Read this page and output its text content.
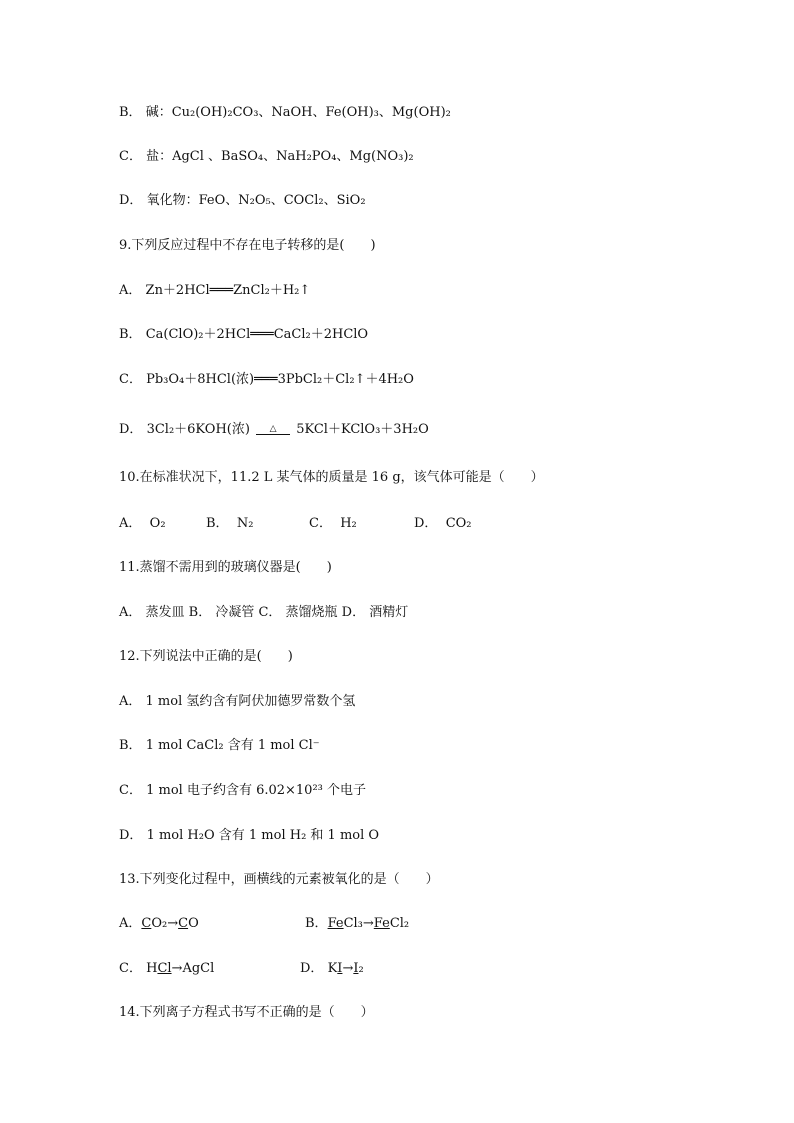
B． 碱：Cu₂(OH)₂CO₃、NaOH、Fe(OH)₃、Mg(OH)₂
C． 盐：AgCl 、BaSO₄、NaH₂PO₄、Mg(NO₃)₂
D． 氧化物：FeO、N₂O₅、COCl₂、SiO₂
9.下列反应过程中不存在电子转移的是(　　)
A． Zn＋2HCl═══ZnCl₂＋H₂↑
B． Ca(ClO)₂＋2HCl═══CaCl₂＋2HClO
C． Pb₃O₄＋8HCl(浓)═══3PbCl₂＋Cl₂↑＋4H₂O
D． 3Cl₂＋6KOH(浓) △ 5KCl＋KClO₃＋3H₂O
10.在标准状况下，11.2 L 某气体的质量是 16 g，该气体可能是（　　）
A． O₂	B． N₂	C． H₂	D． CO₂
11.蒸馏不需用到的玻璃仪器是(　　)
A． 蒸发皿 B． 冷凝管 C． 蒸馏烧瓶 D． 酒精灯
12.下列说法中正确的是(　　)
A． 1 mol 氢约含有阿伏加德罗常数个氢
B． 1 mol CaCl₂ 含有 1 mol Cl⁻
C． 1 mol 电子约含有 6.02×10²³ 个电子
D． 1 mol H₂O 含有 1 mol H₂ 和 1 mol O
13.下列变化过程中，画横线的元素被氧化的是（　　）
A．CO₂→CO	B．FeCl₃→FeCl₂
C． HCl→AgCl	D． KI→I₂
14.下列离子方程式书写不正确的是（　　）
